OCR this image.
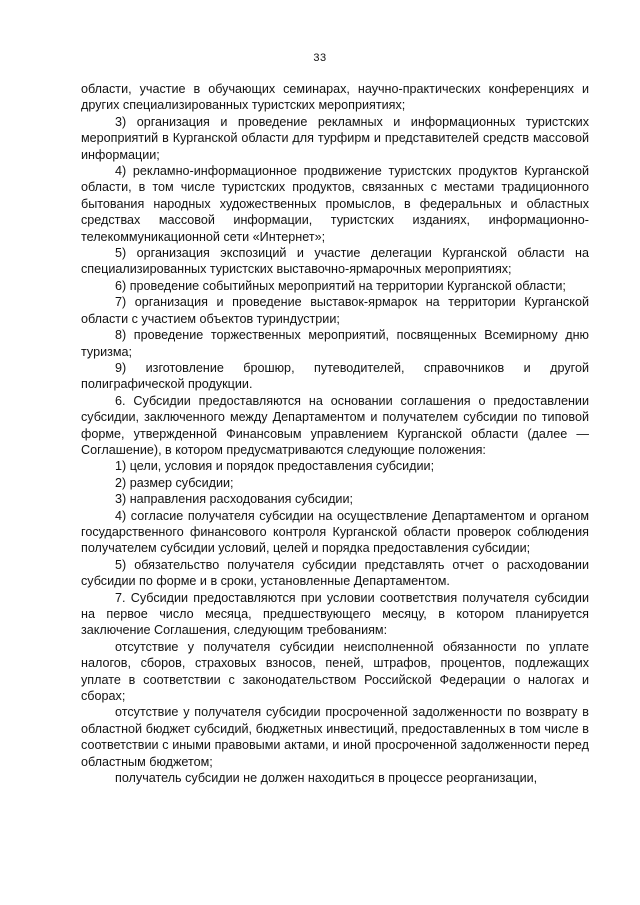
33

области, участие в обучающих семинарах, научно-практических конференциях и других специализированных туристских мероприятиях;

3) организация и проведение рекламных и информационных туристских мероприятий в Курганской области для турфирм и представителей средств массовой информации;

4) рекламно-информационное продвижение туристских продуктов Курганской области, в том числе туристских продуктов, связанных с местами традиционного бытования народных художественных промыслов, в федеральных и областных средствах массовой информации, туристских изданиях, информационно-телекоммуникационной сети «Интернет»;

5) организация экспозиций и участие делегации Курганской области на специализированных туристских выставочно-ярмарочных мероприятиях;

6) проведение событийных мероприятий на территории Курганской области;

7) организация и проведение выставок-ярмарок на территории Курганской области с участием объектов туриндустрии;

8) проведение торжественных мероприятий, посвященных Всемирному дню туризма;

9) изготовление брошюр, путеводителей, справочников и другой полиграфической продукции.

6. Субсидии предоставляются на основании соглашения о предоставлении субсидии, заключенного между Департаментом и получателем субсидии по типовой форме, утвержденной Финансовым управлением Курганской области (далее — Соглашение), в котором предусматриваются следующие положения:

1) цели, условия и порядок предоставления субсидии;

2) размер субсидии;

3) направления расходования субсидии;

4) согласие получателя субсидии на осуществление Департаментом и органом государственного финансового контроля Курганской области проверок соблюдения получателем субсидии условий, целей и порядка предоставления субсидии;

5) обязательство получателя субсидии представлять отчет о расходовании субсидии по форме и в сроки, установленные Департаментом.

7. Субсидии предоставляются при условии соответствия получателя субсидии на первое число месяца, предшествующего месяцу, в котором планируется заключение Соглашения, следующим требованиям:

отсутствие у получателя субсидии неисполненной обязанности по уплате налогов, сборов, страховых взносов, пеней, штрафов, процентов, подлежащих уплате в соответствии с законодательством Российской Федерации о налогах и сборах;

отсутствие у получателя субсидии просроченной задолженности по возврату в областной бюджет субсидий, бюджетных инвестиций, предоставленных в том числе в соответствии с иными правовыми актами, и иной просроченной задолженности перед областным бюджетом;

получатель субсидии не должен находиться в процессе реорганизации,
